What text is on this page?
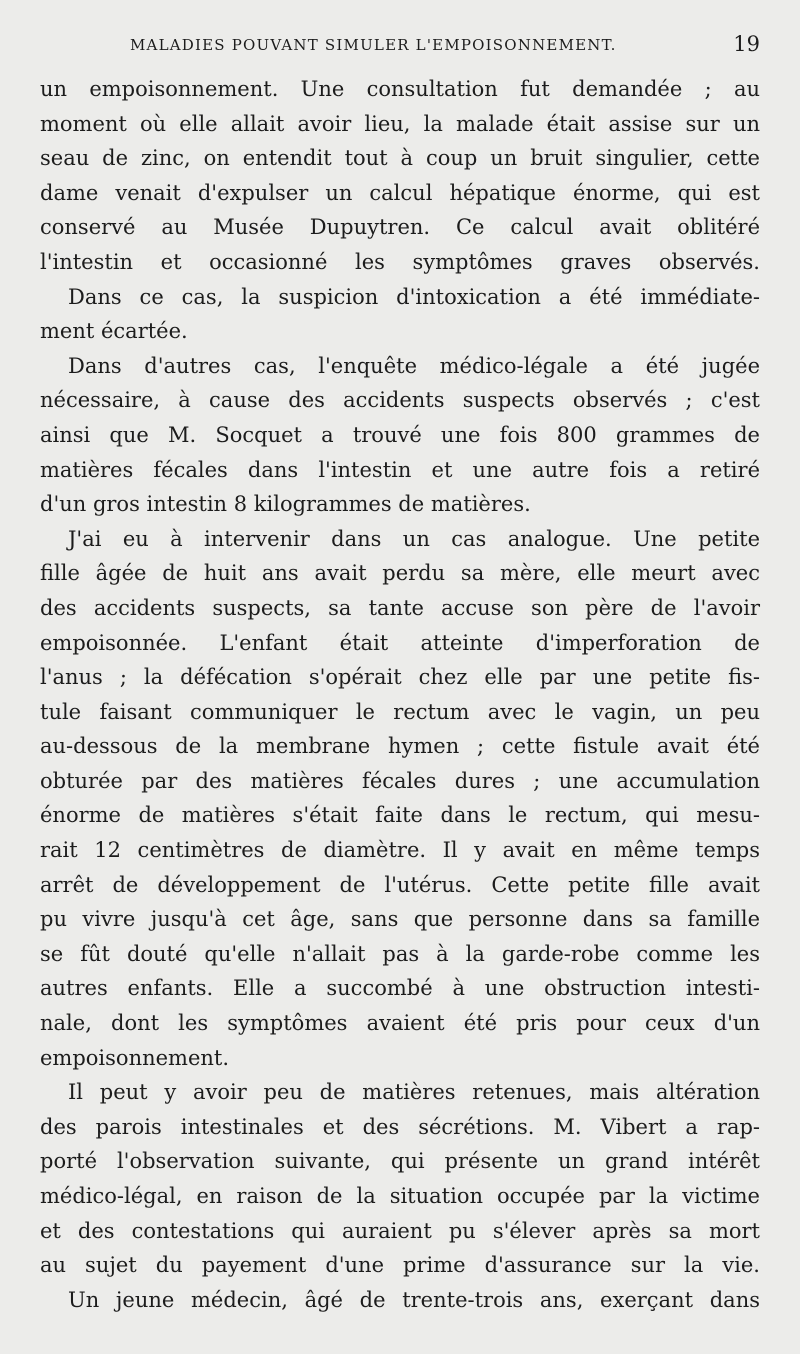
MALADIES POUVANT SIMULER L'EMPOISONNEMENT.	19
un empoisonnement. Une consultation fut demandée ; au
moment où elle allait avoir lieu, la malade était assise sur un
seau de zinc, on entendit tout à coup un bruit singulier, cette
dame venait d'expulser un calcul hépatique énorme, qui est
conservé au Musée Dupuytren. Ce calcul avait oblitéré
l'intestin et occasionné les symptômes graves observés.
Dans ce cas, la suspicion d'intoxication a été immédiate-
ment écartée.
Dans d'autres cas, l'enquête médico-légale a été jugée
nécessaire, à cause des accidents suspects observés ; c'est
ainsi que M. Socquet a trouvé une fois 800 grammes de
matières fécales dans l'intestin et une autre fois a retiré
d'un gros intestin 8 kilogrammes de matières.
J'ai eu à intervenir dans un cas analogue. Une petite
fille âgée de huit ans avait perdu sa mère, elle meurt avec
des accidents suspects, sa tante accuse son père de l'avoir
empoisonnée. L'enfant était atteinte d'imperforation de
l'anus ; la défécation s'opérait chez elle par une petite fis-
tule faisant communiquer le rectum avec le vagin, un peu
au-dessous de la membrane hymen ; cette fistule avait été
obturée par des matières fécales dures ; une accumulation
énorme de matières s'était faite dans le rectum, qui mesu-
rait 12 centimètres de diamètre. Il y avait en même temps
arrêt de développement de l'utérus. Cette petite fille avait
pu vivre jusqu'à cet âge, sans que personne dans sa famille
se fût douté qu'elle n'allait pas à la garde-robe comme les
autres enfants. Elle a succombé à une obstruction intesti-
nale, dont les symptômes avaient été pris pour ceux d'un
empoisonnement.
Il peut y avoir peu de matières retenues, mais altération
des parois intestinales et des sécrétions. M. Vibert a rap-
porté l'observation suivante, qui présente un grand intérêt
médico-légal, en raison de la situation occupée par la victime
et des contestations qui auraient pu s'élever après sa mort
au sujet du payement d'une prime d'assurance sur la vie.
Un jeune médecin, âgé de trente-trois ans, exerçant dans
